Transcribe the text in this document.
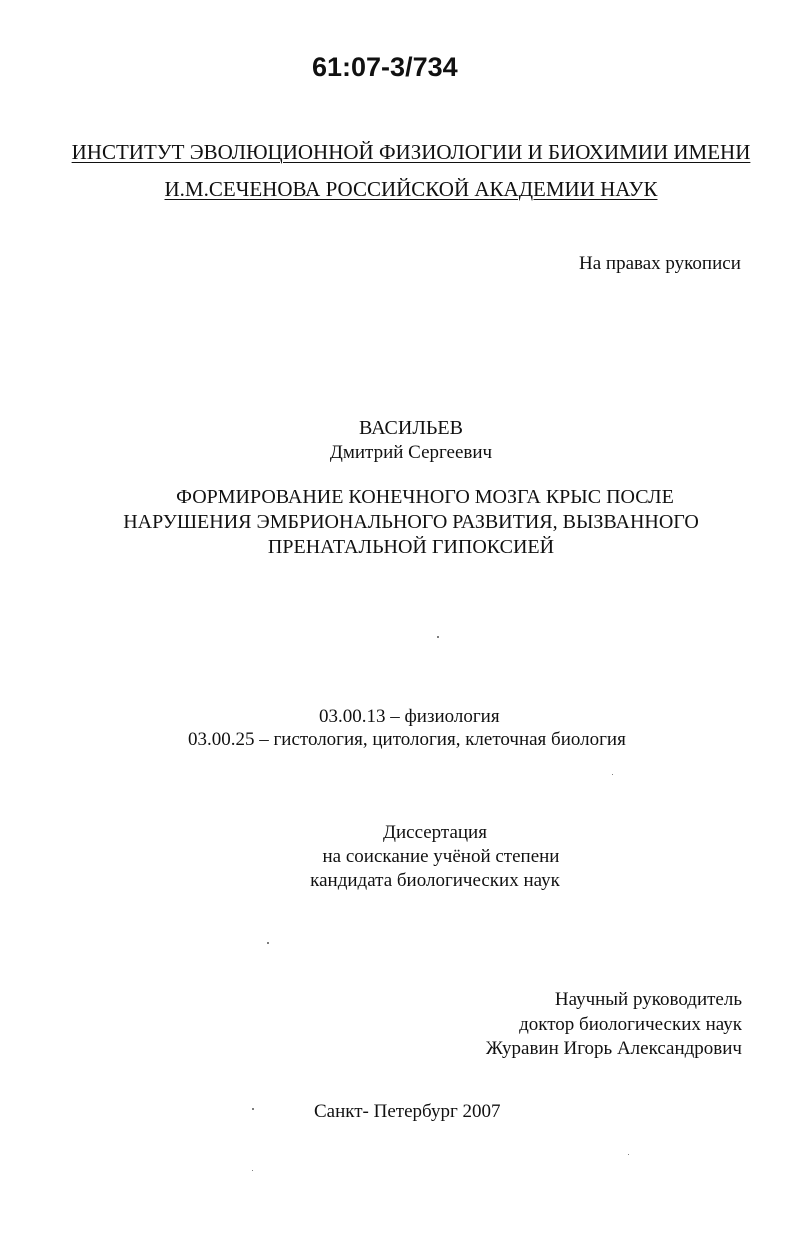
61:07-3/734
ИНСТИТУТ ЭВОЛЮЦИОННОЙ ФИЗИОЛОГИИ И БИОХИМИИ ИМЕНИ
И.М.СЕЧЕНОВА РОССИЙСКОЙ АКАДЕМИИ НАУК
На правах рукописи
ВАСИЛЬЕВ
Дмитрий Сергеевич
ФОРМИРОВАНИЕ КОНЕЧНОГО МОЗГА КРЫС ПОСЛЕ
НАРУШЕНИЯ ЭМБРИОНАЛЬНОГО РАЗВИТИЯ, ВЫЗВАННОГО
ПРЕНАТАЛЬНОЙ ГИПОКСИЕЙ
03.00.13 – физиология
03.00.25 – гистология, цитология, клеточная биология
Диссертация
на соискание учёной степени
кандидата биологических наук
Научный руководитель
доктор биологических наук
Журавин Игорь Александрович
Санкт- Петербург 2007
